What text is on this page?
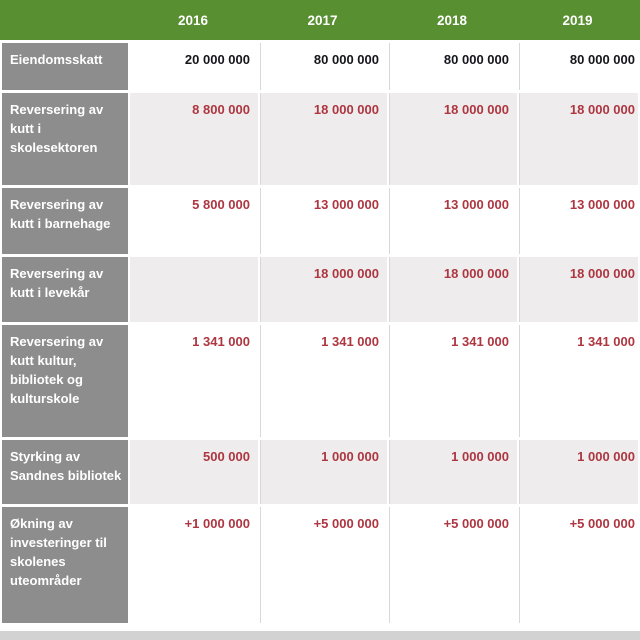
2016	2017	2018	2019
Eiendomsskatt	20 000 000	80 000 000	80 000 000	80 000 000
Reversering av kutt i skolesektoren	8 800 000	18 000 000	18 000 000	18 000 000
Reversering av kutt i barnehage	5 800 000	13 000 000	13 000 000	13 000 000
Reversering av kutt i levekår		18 000 000	18 000 000	18 000 000
Reversering av kutt kultur, bibliotek og kulturskole	1 341 000	1 341 000	1 341 000	1 341 000
Styrking av Sandnes bibliotek	500 000	1 000 000	1 000 000	1 000 000
Økning av investeringer til skolenes uteområder	+1 000 000	+5 000 000	+5 000 000	+5 000 000
